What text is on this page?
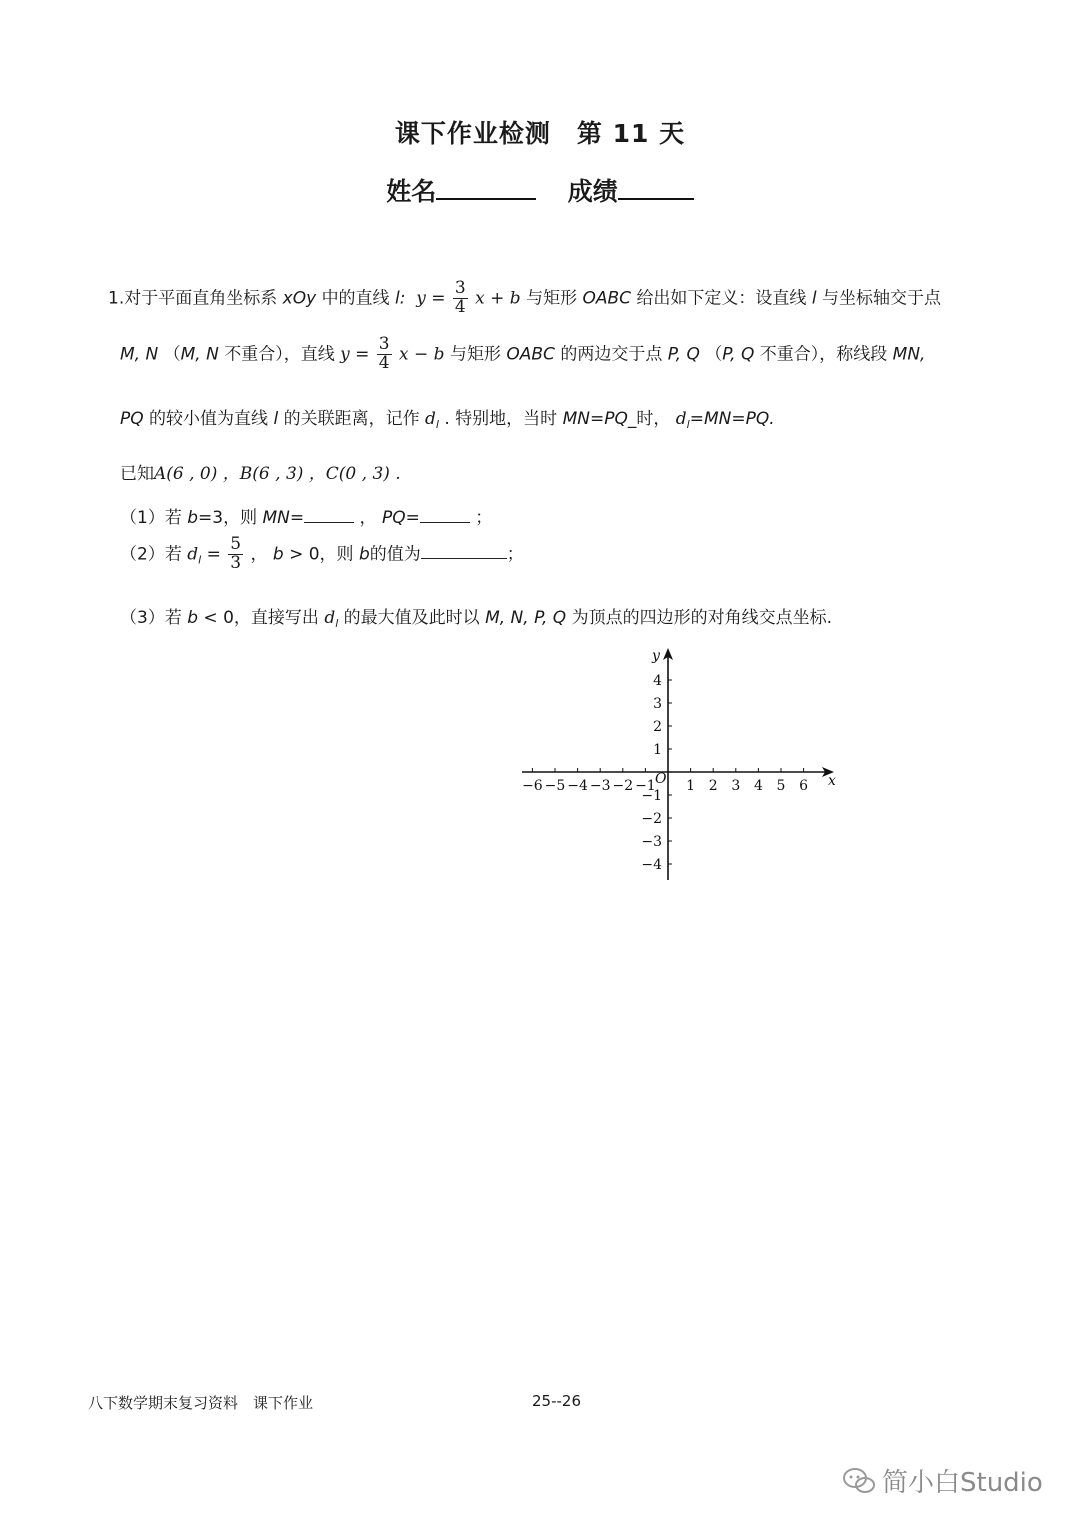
课下作业检测　第 11 天
姓名	成绩
1.对于平面直角坐标系 xOy 中的直线 l: $y = \frac{3}{4}$ x + b 与矩形 OABC 给出如下定义：设直线 l 与坐标轴交于点
M, N （M, N 不重合），直线 $y = \frac{3}{4}$ x − b 与矩形 OABC 的两边交于点 P, Q （P, Q 不重合），称线段 MN,
PQ 的较小值为直线 l 的关联距离，记作 $d_l$ . 特别地，当时 MN=PQ_时， $d_l=MN=PQ$.
已知A(6 , 0) ，B(6 , 3) ，C(0 , 3) .
（1）若 b=3，则 MN=	， PQ=	；
（2）若 $d_l = \frac{5}{3}$ ， b > 0，则 b的值为	；
（3）若 b < 0，直接写出 $d_l$ 的最大值及此时以 M, N, P, Q 为顶点的四边形的对角线交点坐标.
x
y
O
−6 −5 −4 −3 −2 −1 1 2 3 4 5 6
4
3
2
1
−1
−2
−3
−4
八下数学期末复习资料　课下作业	25--26
简小白Studio
